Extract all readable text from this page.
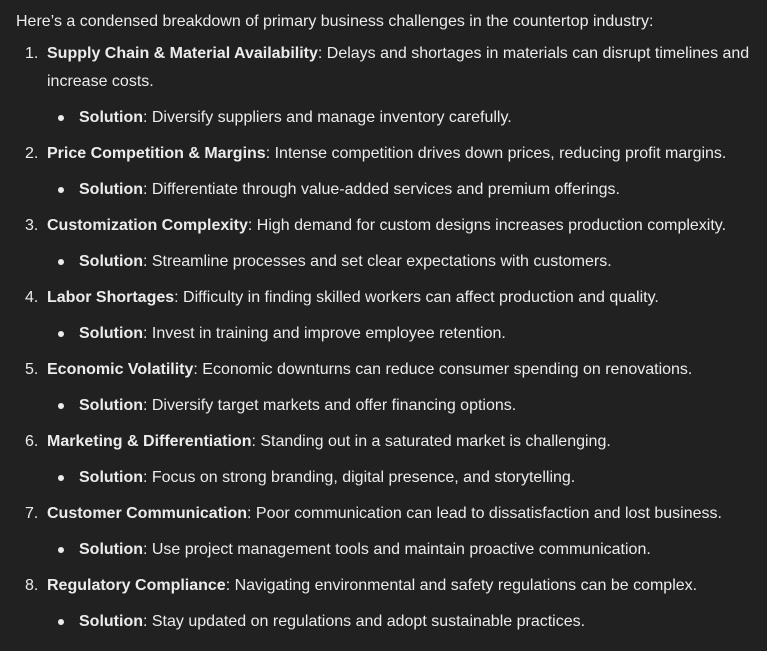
Here’s a condensed breakdown of primary business challenges in the countertop industry:

1. Supply Chain & Material Availability: Delays and shortages in materials can disrupt timelines and increase costs.

Solution: Diversify suppliers and manage inventory carefully.
2. Price Competition & Margins: Intense competition drives down prices, reducing profit margins.

Solution: Differentiate through value-added services and premium offerings.
3. Customization Complexity: High demand for custom designs increases production complexity.

Solution: Streamline processes and set clear expectations with customers.
4. Labor Shortages: Difficulty in finding skilled workers can affect production and quality.

Solution: Invest in training and improve employee retention.
5. Economic Volatility: Economic downturns can reduce consumer spending on renovations.

Solution: Diversify target markets and offer financing options.
6. Marketing & Differentiation: Standing out in a saturated market is challenging.

Solution: Focus on strong branding, digital presence, and storytelling.
7. Customer Communication: Poor communication can lead to dissatisfaction and lost business.

Solution: Use project management tools and maintain proactive communication.
8. Regulatory Compliance: Navigating environmental and safety regulations can be complex.

Solution: Stay updated on regulations and adopt sustainable practices.
